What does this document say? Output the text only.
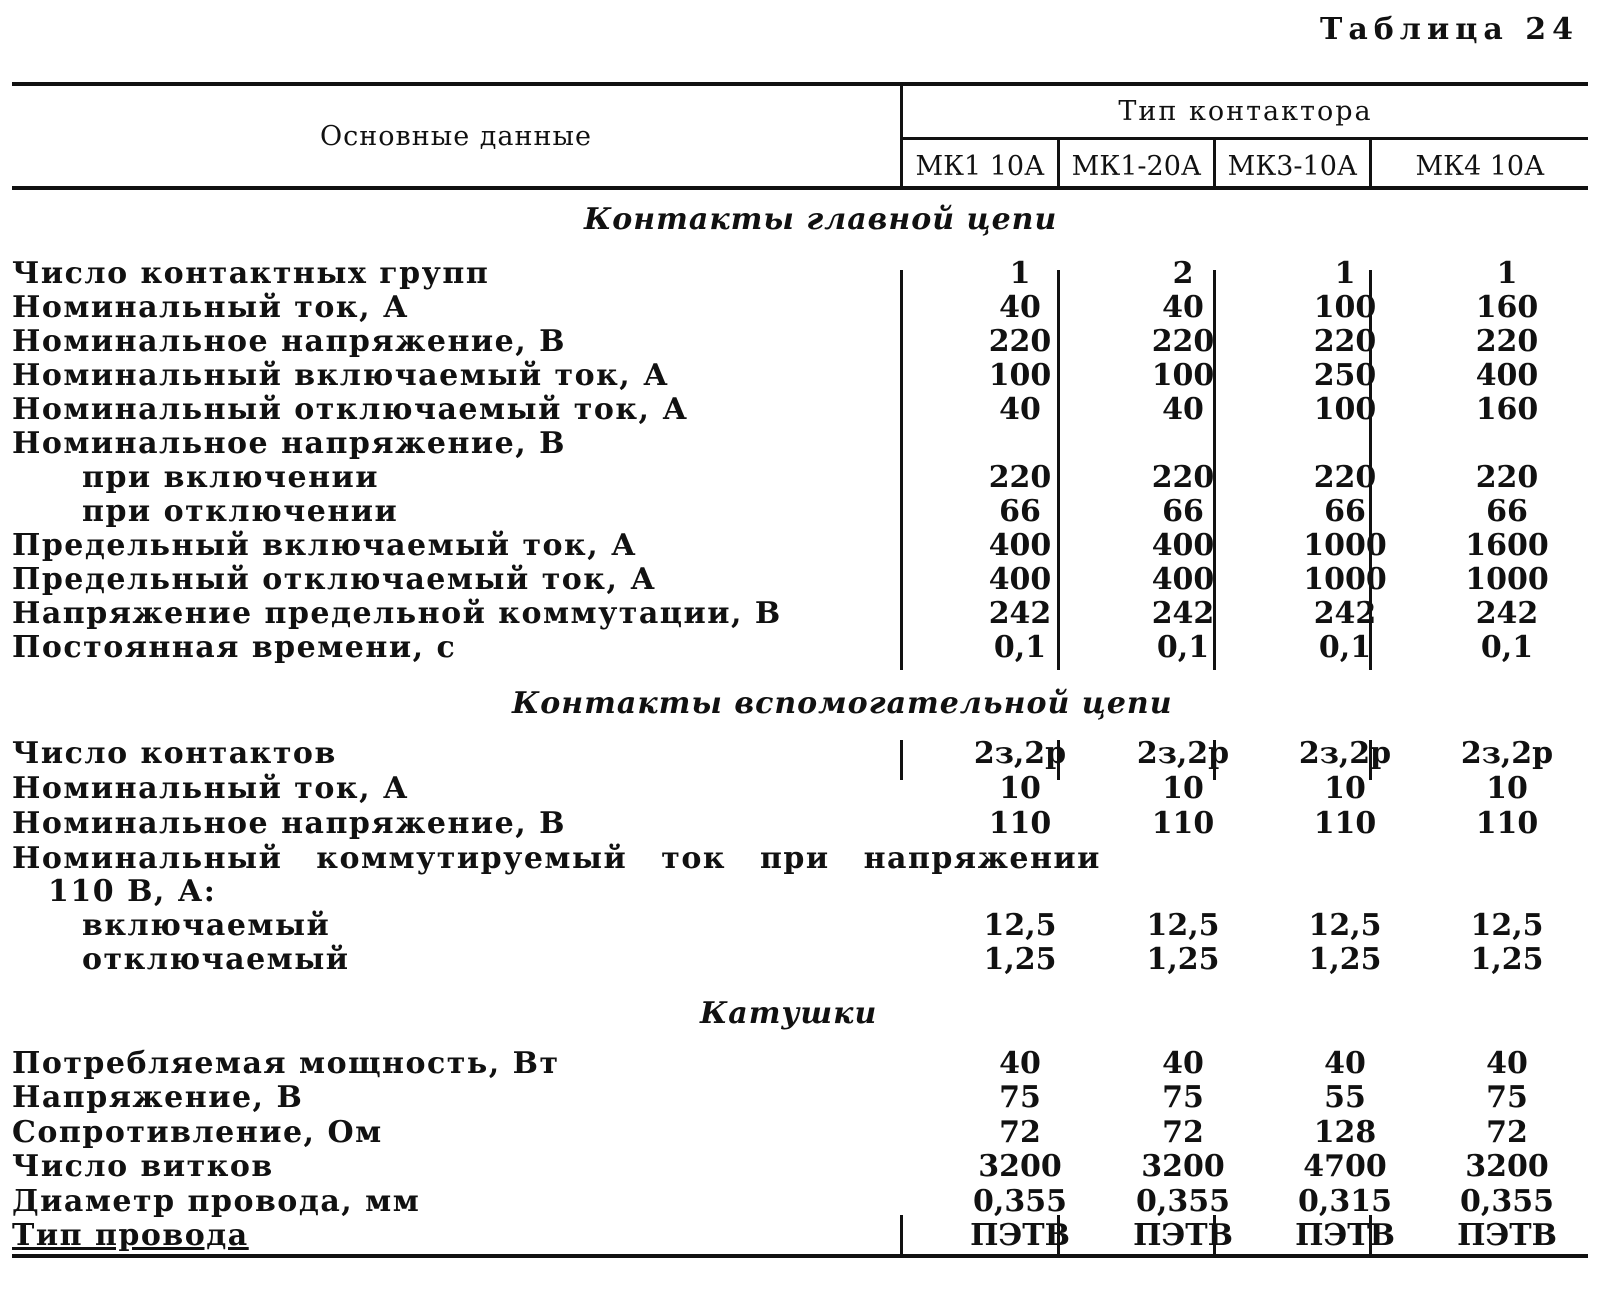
Таблица 24
Основные данные
Тип контактора
МК1 10А	МК1-20А МК3-10А	МК4 10А
Контакты главной цепи
Контакты вспомогательной цепи
Катушки
Число контактных групп	1	2	1	1
Номинальный ток, А	40	40	100	160
Номинальное напряжение, В	220	220	220	220
Номинальный включаемый ток, А	100	100	250	400
Номинальный отключаемый ток, А	40	40	100	160
Номинальное напряжение, В
при включении	220	220	220	220
при отключении	66	66	66	66
Предельный включаемый ток, А	400	400	1000	1600
Предельный отключаемый ток, А	400	400	1000	1000
Напряжение предельной коммутации, В	242	242	242	242
Постоянная времени, с	0,1	0,1	0,1	0,1
Число контактов	2з,2р	2з,2р	2з,2р	2з,2р
Номинальный ток, А	10	10	10	10
Номинальное напряжение, В	110	110	110	110
Номинальный коммутируемый ток при напряжении
110 В, А:
включаемый	12,5	12,5	12,5	12,5
отключаемый	1,25	1,25	1,25	1,25
Потребляемая мощность, Вт	40	40	40	40
Напряжение, В	75	75	55	75
Сопротивление, Ом	72	72	128	72
Число витков	3200	3200	4700	3200
Диаметр провода, мм	0,355	0,355	0,315	0,355
Тип провода	ПЭТВ	ПЭТВ	ПЭТВ	ПЭТВ
